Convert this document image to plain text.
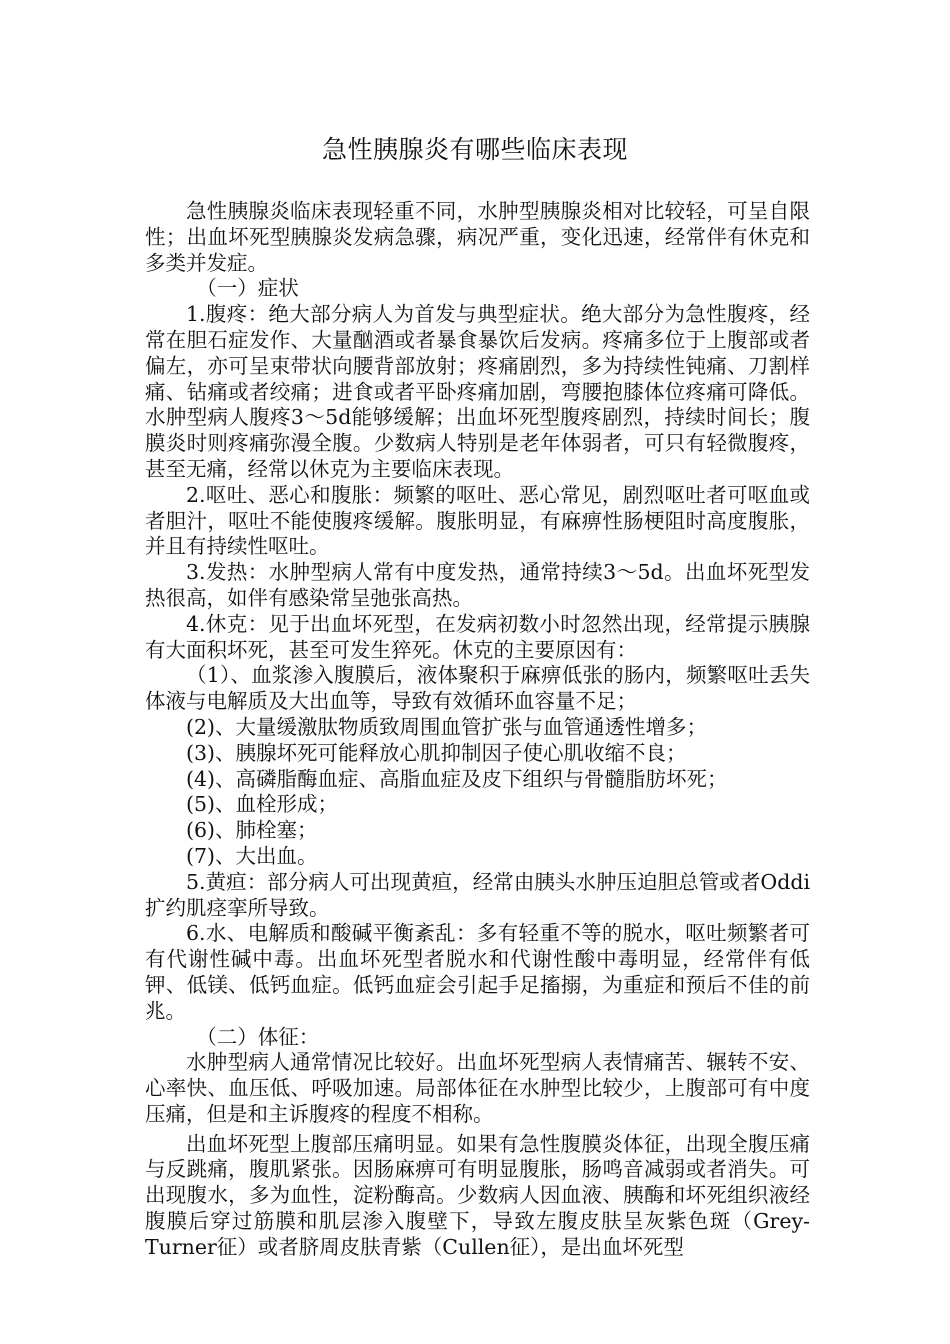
急性胰腺炎有哪些临床表现

急性胰腺炎临床表现轻重不同，水肿型胰腺炎相对比较轻，可呈自限性；出血坏死型胰腺炎发病急骤，病况严重，变化迅速，经常伴有休克和多类并发症。

（一）症状

1.腹疼：绝大部分病人为首发与典型症状。绝大部分为急性腹疼，经常在胆石症发作、大量酗酒或者暴食暴饮后发病。疼痛多位于上腹部或者偏左，亦可呈束带状向腰背部放射；疼痛剧烈，多为持续性钝痛、刀割样痛、钻痛或者绞痛；进食或者平卧疼痛加剧，弯腰抱膝体位疼痛可降低。水肿型病人腹疼3～5d能够缓解；出血坏死型腹疼剧烈，持续时间长；腹膜炎时则疼痛弥漫全腹。少数病人特别是老年体弱者，可只有轻微腹疼，甚至无痛，经常以休克为主要临床表现。

2.呕吐、恶心和腹胀：频繁的呕吐、恶心常见，剧烈呕吐者可呕血或者胆汁，呕吐不能使腹疼缓解。腹胀明显，有麻痹性肠梗阻时高度腹胀，并且有持续性呕吐。

3.发热：水肿型病人常有中度发热，通常持续3～5d。出血坏死型发热很高，如伴有感染常呈弛张高热。

4.休克：见于出血坏死型，在发病初数小时忽然出现，经常提示胰腺有大面积坏死，甚至可发生猝死。休克的主要原因有：

（1）、血浆渗入腹膜后，液体聚积于麻痹低张的肠内，频繁呕吐丢失体液与电解质及大出血等，导致有效循环血容量不足；

(2)、大量缓激肽物质致周围血管扩张与血管通透性增多；

(3)、胰腺坏死可能释放心肌抑制因子使心肌收缩不良；

(4)、高磷脂酶血症、高脂血症及皮下组织与骨髓脂肪坏死；

(5)、血栓形成；

(6)、肺栓塞；

(7)、大出血。

5.黄疸：部分病人可出现黄疸，经常由胰头水肿压迫胆总管或者Oddi扩约肌痉挛所导致。

6.水、电解质和酸碱平衡紊乱：多有轻重不等的脱水，呕吐频繁者可有代谢性碱中毒。出血坏死型者脱水和代谢性酸中毒明显，经常伴有低钾、低镁、低钙血症。低钙血症会引起手足搐搦，为重症和预后不佳的前兆。

（二）体征：

水肿型病人通常情况比较好。出血坏死型病人表情痛苦、辗转不安、心率快、血压低、呼吸加速。局部体征在水肿型比较少，上腹部可有中度压痛，但是和主诉腹疼的程度不相称。

出血坏死型上腹部压痛明显。如果有急性腹膜炎体征，出现全腹压痛与反跳痛，腹肌紧张。因肠麻痹可有明显腹胀，肠鸣音减弱或者消失。可出现腹水，多为血性，淀粉酶高。少数病人因血液、胰酶和坏死组织液经腹膜后穿过筋膜和肌层渗入腹壁下，导致左腹皮肤呈灰紫色斑（Grey-Turner征）或者脐周皮肤青紫（Cullen征），是出血坏死型
